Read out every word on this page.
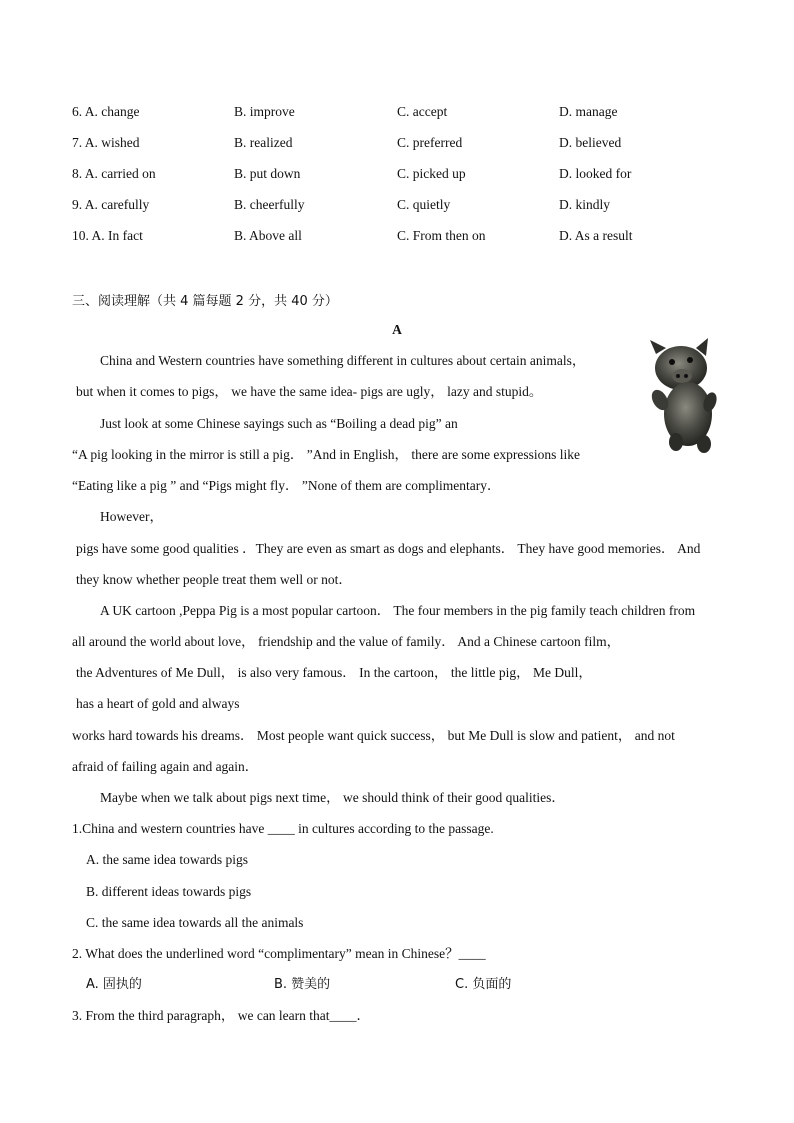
6. A. change	B. improve	C. accept	D. manage
7. A. wished	B. realized	C. preferred	D. believed
8. A. carried on	B. put down	C. picked up	D. looked for
9. A. carefully	B. cheerfully	C. quietly	D. kindly
10. A. In fact	B. Above all	C. From then on	D. As a result
三、阅读理解（共 4 篇每题 2 分，共 40 分）
A
China and Western countries have something different in cultures about certain animals，
but when it comes to pigs， we have the same idea- pigs are ugly， lazy and stupid。
Just look at some Chinese sayings such as “Boiling a dead pig” an
“A pig looking in the mirror is still a pig． ”And in English， there are some expressions like
“Eating like a pig ” and “Pigs might fly． ”None of them are complimentary．
However，
pigs have some good qualities ．They are even as smart as dogs and elephants． They have good memories． And
they know whether people treat them well or not．
A UK cartoon ,Peppa Pig is a most popular cartoon． The four members in the pig family teach children from
all around the world about love， friendship and the value of family． And a Chinese cartoon film，
the Adventures of Me Dull， is also very famous． In the cartoon， the little pig， Me Dull，
has a heart of gold and always
works hard towards his dreams． Most people want quick success， but Me Dull is slow and patient， and not
afraid of failing again and again．
Maybe when we talk about pigs next time， we should think of their good qualities．
1.China and western countries have ____ in cultures according to the passage.
A. the same idea towards pigs
B. different ideas towards pigs
C. the same idea towards all the animals
2. What does the underlined word “complimentary” mean in Chinese？____
A. 固执的	B. 赞美的	C. 负面的
3. From the third paragraph， we can learn that____．
